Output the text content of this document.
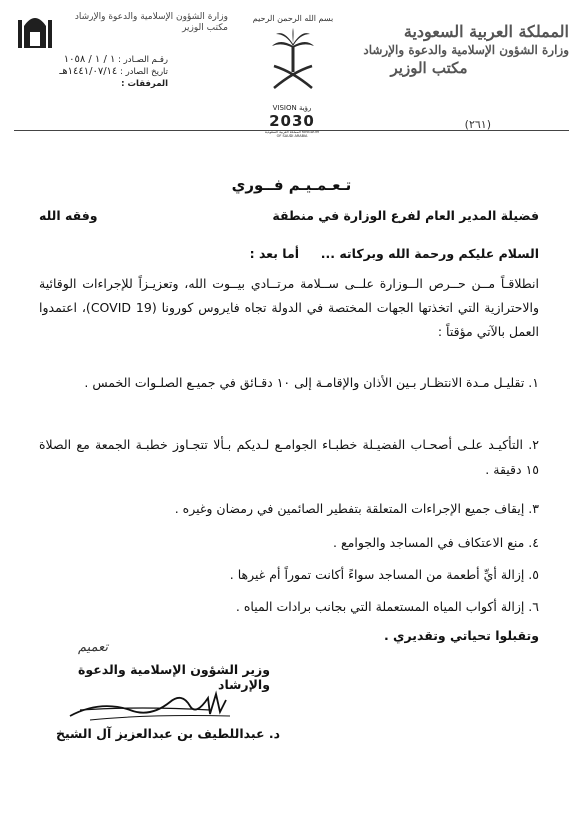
المملكة العربية السعودية
وزارة الشؤون الإسلامية والدعوة والإرشاد
مكتب الوزير
(٢٦١)
وزارة الشؤون الإسلامية والدعوة والإرشاد
مكتب الوزير
رقـم الصـادر : ١ / ١ / ١٠٥٨
تاريخ الصادر : ١٤٤١/٠٧/١٤هـ
المرفقات :
بسم الله الرحمن الرحيم
VISION رؤية
2030
المملكة العربية السعودية KINGDOM OF SAUDI ARABIA
تـعـمـيـم فــوري
فضيلة المدير العام لفرع الوزارة في منطقة
وفقه الله
السلام عليكم ورحمة الله وبركاته ...     أما بعد :
انطلاقـاً مــن حــرص الــوزارة علــى ســلامة مرتــادي بيــوت الله، وتعزيـزاً للإجراءات الوقائية والاحترازية التي اتخذتها الجهات المختصة في الدولة تجاه فايروس كورونا (COVID 19)، اعتمدوا العمل بالآتي مؤقتاً :
١. تقليـل مـدة الانتظـار بـين الأذان والإقامـة إلى ١٠ دقـائق في جميـع الصلـوات الخمس .
٢. التأكيـد علـى أصحـاب الفضيـلة خطبـاء الجوامـع لـديكم بـألا تتجـاوز خطبـة الجمعة مع الصلاة ١٥ دقيقة .
٣. إيقاف جميع الإجراءات المتعلقة بتفطير الصائمين في رمضان وغيره .
٤. منع الاعتكاف في المساجد والجوامع .
٥. إزالة أيِّ أطعمة من المساجد سواءً أكانت تموراً أم غيرها .
٦. إزالة أكواب المياه المستعملة التي بجانب برادات المياه .
وتقبلوا تحياتي وتقديري .
تعميم
وزير الشؤون الإسلامية والدعوة والإرشاد
د. عبداللطيف بن عبدالعزيز آل الشيخ
